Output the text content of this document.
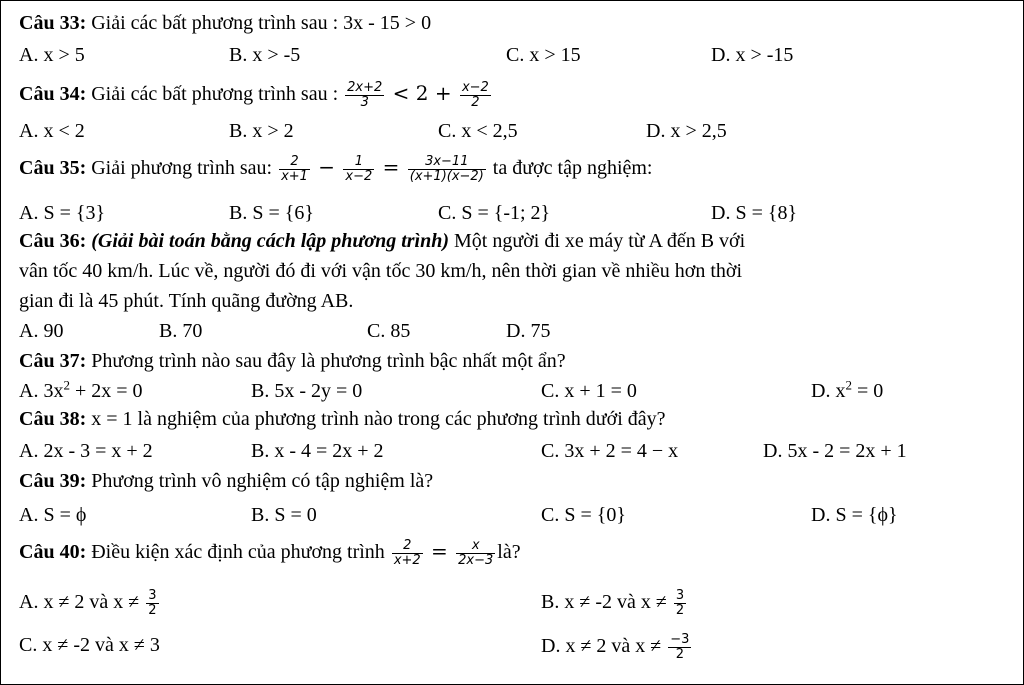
Câu 33: Giải các bất phương trình sau : 3x - 15 > 0
A. x > 5	B. x > -5	C. x > 15	D. x > -15
Câu 34: Giải các bất phương trình sau : $\frac{2x+2}{3} < 2 + \frac{x-2}{2}$
A. x < 2	B. x > 2	C. x < 2,5	D. x > 2,5
Câu 35: Giải phương trình sau: $\frac{2}{x+1} - \frac{1}{x-2} = \frac{3x-11}{(x+1)(x-2)}$ ta được tập nghiệm:
A. S = {3}	B. S = {6}	C. S = {-1; 2}	D. S = {8}
Câu 36: (Giải bài toán bằng cách lập phương trình) Một người đi xe máy từ A đến B với
vân tốc 40 km/h. Lúc về, người đó đi với vận tốc 30 km/h, nên thời gian về nhiều hơn thời
gian đi là 45 phút. Tính quãng đường AB.
A. 90	B. 70	C. 85	D. 75
Câu 37: Phương trình nào sau đây là phương trình bậc nhất một ẩn?
A. $3x^2 + 2x = 0$	B. 5x - 2y = 0	C. x + 1 = 0	D. $x^2 = 0$
Câu 38: x = 1 là nghiệm của phương trình nào trong các phương trình dưới đây?
A. 2x - 3 = x + 2	B. x - 4 = 2x + 2	C. 3x + 2 = 4 − x	D. 5x - 2 = 2x + 1
Câu 39: Phương trình vô nghiệm có tập nghiệm là?
A. S = ϕ	B. S = 0	C. S = {0}	D. S = {ϕ}
Câu 40: Điều kiện xác định của phương trình $\frac{2}{x+2} = \frac{x}{2x-3}$ là?
A. x ≠ 2 và $x \ne \frac{3}{2}$	B. x ≠ -2 và $x \ne \frac{3}{2}$
C. x ≠ -2 và x ≠ 3	D. x ≠ 2 và $x \ne \frac{-3}{2}$
